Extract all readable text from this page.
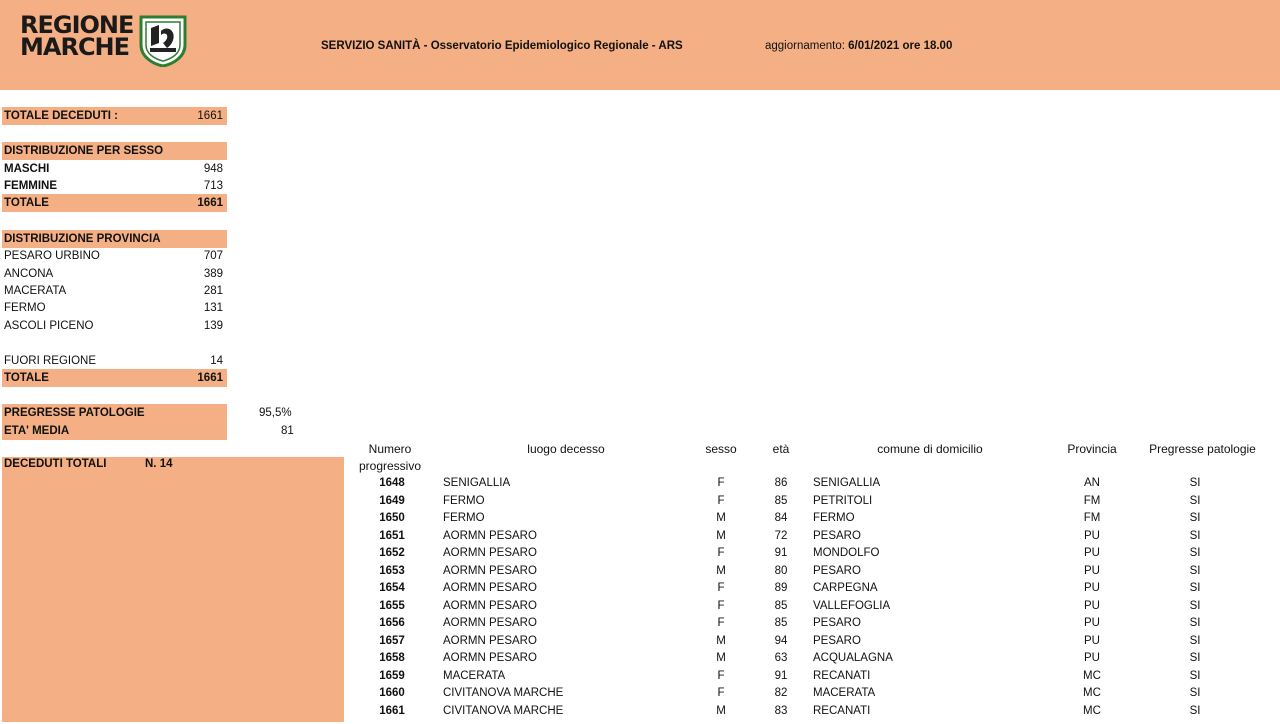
REGIONE
MARCHE	SERVIZIO SANITÀ - Osservatorio Epidemiologico Regionale - ARS	aggiornamento: 6/01/2021 ore 18.00
TOTALE DECEDUTI :	1661
DISTRIBUZIONE PER SESSO
MASCHI	948
FEMMINE	713
TOTALE	1661
DISTRIBUZIONE PROVINCIA
PESARO URBINO	707
ANCONA	389
MACERATA	281
FERMO	131
ASCOLI PICENO	139
FUORI REGIONE	14
TOTALE	1661
PREGRESSE PATOLOGIE	95,5%
ETA' MEDIA	81
DECEDUTI TOTALI	N. 14
Numero
progressivo
luogo decesso	sesso	età	comune di domicilio	Provincia	Pregresse patologie
1648	SENIGALLIA	F	86	SENIGALLIA	AN	SI
1649	FERMO	F	85	PETRITOLI	FM	SI
1650	FERMO	M	84	FERMO	FM	SI
1651	AORMN PESARO	M	72	PESARO	PU	SI
1652	AORMN PESARO	F	91	MONDOLFO	PU	SI
1653	AORMN PESARO	M	80	PESARO	PU	SI
1654	AORMN PESARO	F	89	CARPEGNA	PU	SI
1655	AORMN PESARO	F	85	VALLEFOGLIA	PU	SI
1656	AORMN PESARO	F	85	PESARO	PU	SI
1657	AORMN PESARO	M	94	PESARO	PU	SI
1658	AORMN PESARO	M	63	ACQUALAGNA	PU	SI
1659	MACERATA	F	91	RECANATI	MC	SI
1660	CIVITANOVA MARCHE	F	82	MACERATA	MC	SI
1661	CIVITANOVA MARCHE	M	83	RECANATI	MC	SI
